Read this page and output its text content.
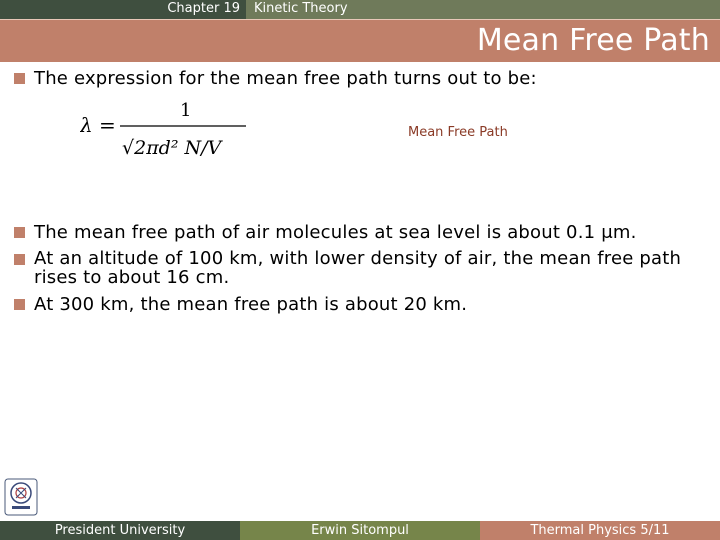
Chapter 19	Kinetic Theory
Mean Free Path
The expression for the mean free path turns out to be:
λ =
1
√2πd² N/V
Mean Free Path
The mean free path of air molecules at sea level is about 0.1 μm.
At an altitude of 100 km, with lower density of air, the mean free path rises to about 16 cm.
At 300 km, the mean free path is about 20 km.
President University	Erwin Sitompul	Thermal Physics 5/11
